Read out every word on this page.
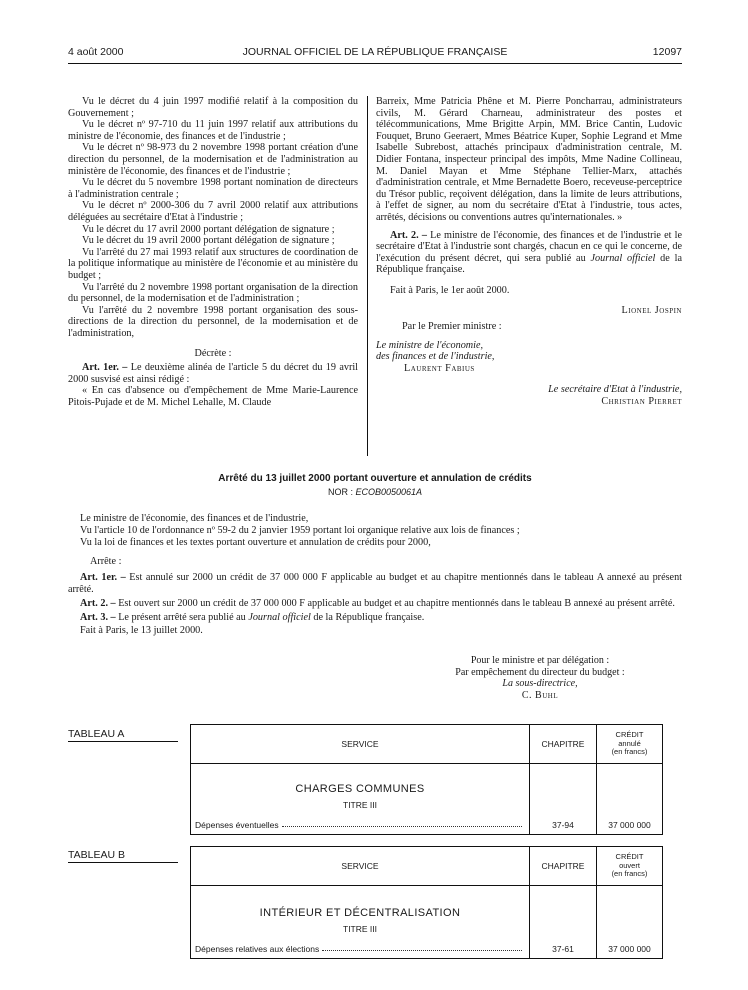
4 août 2000	JOURNAL OFFICIEL DE LA RÉPUBLIQUE FRANÇAISE	12097

Vu le décret du 4 juin 1997 modifié relatif à la composition du Gouvernement ;

Vu le décret nº 97-710 du 11 juin 1997 relatif aux attributions du ministre de l'économie, des finances et de l'industrie ;

Vu le décret nº 98-973 du 2 novembre 1998 portant création d'une direction du personnel, de la modernisation et de l'administration au ministère de l'économie, des finances et de l'industrie ;

Vu le décret du 5 novembre 1998 portant nomination de directeurs à l'administration centrale ;

Vu le décret nº 2000-306 du 7 avril 2000 relatif aux attributions déléguées au secrétaire d'Etat à l'industrie ;

Vu le décret du 17 avril 2000 portant délégation de signature ;

Vu le décret du 19 avril 2000 portant délégation de signature ;

Vu l'arrêté du 27 mai 1993 relatif aux structures de coordination de la politique informatique au ministère de l'économie et au ministère du budget ;

Vu l'arrêté du 2 novembre 1998 portant organisation de la direction du personnel, de la modernisation et de l'administration ;

Vu l'arrêté du 2 novembre 1998 portant organisation des sous-directions de la direction du personnel, de la modernisation et de l'administration,

Décrète :

Art. 1er. – Le deuxième alinéa de l'article 5 du décret du 19 avril 2000 susvisé est ainsi rédigé :

« En cas d'absence ou d'empêchement de Mme Marie-Laurence Pitois-Pujade et de M. Michel Lehalle, M. Claude

Barreix, Mme Patricia Phêne et M. Pierre Poncharrau, administrateurs civils, M. Gérard Charneau, administrateur des postes et télécommunications, Mme Brigitte Arpin, MM. Brice Cantin, Ludovic Fouquet, Bruno Geeraert, Mmes Béatrice Kuper, Sophie Legrand et Mme Isabelle Subrebost, attachés principaux d'administration centrale, M. Didier Fontana, inspecteur principal des impôts, Mme Nadine Collineau, M. Daniel Mayan et Mme Stéphane Tellier-Marx, attachés d'administration centrale, et Mme Bernadette Boero, receveuse-perceptrice du Trésor public, reçoivent délégation, dans la limite de leurs attributions, à l'effet de signer, au nom du secrétaire d'Etat à l'industrie, tous actes, arrêtés, décisions ou conventions autres qu'internationales. »

Art. 2. – Le ministre de l'économie, des finances et de l'industrie et le secrétaire d'Etat à l'industrie sont chargés, chacun en ce qui le concerne, de l'exécution du présent décret, qui sera publié au Journal officiel de la République française.

Fait à Paris, le 1er août 2000.

Lionel Jospin

Par le Premier ministre :

Le ministre de l'économie,

des finances et de l'industrie,

Laurent Fabius

Le secrétaire d'Etat à l'industrie,

Christian Pierret

Arrêté du 13 juillet 2000 portant ouverture et annulation de crédits
NOR : ECOB0050061A

Le ministre de l'économie, des finances et de l'industrie,

Vu l'article 10 de l'ordonnance nº 59-2 du 2 janvier 1959 portant loi organique relative aux lois de finances ;

Vu la loi de finances et les textes portant ouverture et annulation de crédits pour 2000,

Arrête :

Art. 1er. – Est annulé sur 2000 un crédit de 37 000 000 F applicable au budget et au chapitre mentionnés dans le tableau A annexé au présent arrêté.

Art. 2. – Est ouvert sur 2000 un crédit de 37 000 000 F applicable au budget et au chapitre mentionnés dans le tableau B annexé au présent arrêté.

Art. 3. – Le présent arrêté sera publié au Journal officiel de la République française.

Fait à Paris, le 13 juillet 2000.

Pour le ministre et par délégation :
Par empêchement du directeur du budget :
La sous-directrice,
C. Buhl
TABLEAU A
SERVICE	CHAPITRE	CRÉDIT
annulé
(en francs)

CHARGES COMMUNES
TITRE III
Dépenses éventuelles	37-94	37 000 000
TABLEAU B
SERVICE	CHAPITRE	CRÉDIT
ouvert
(en francs)

INTÉRIEUR ET DÉCENTRALISATION
TITRE III
Dépenses relatives aux élections	37-61	37 000 000
